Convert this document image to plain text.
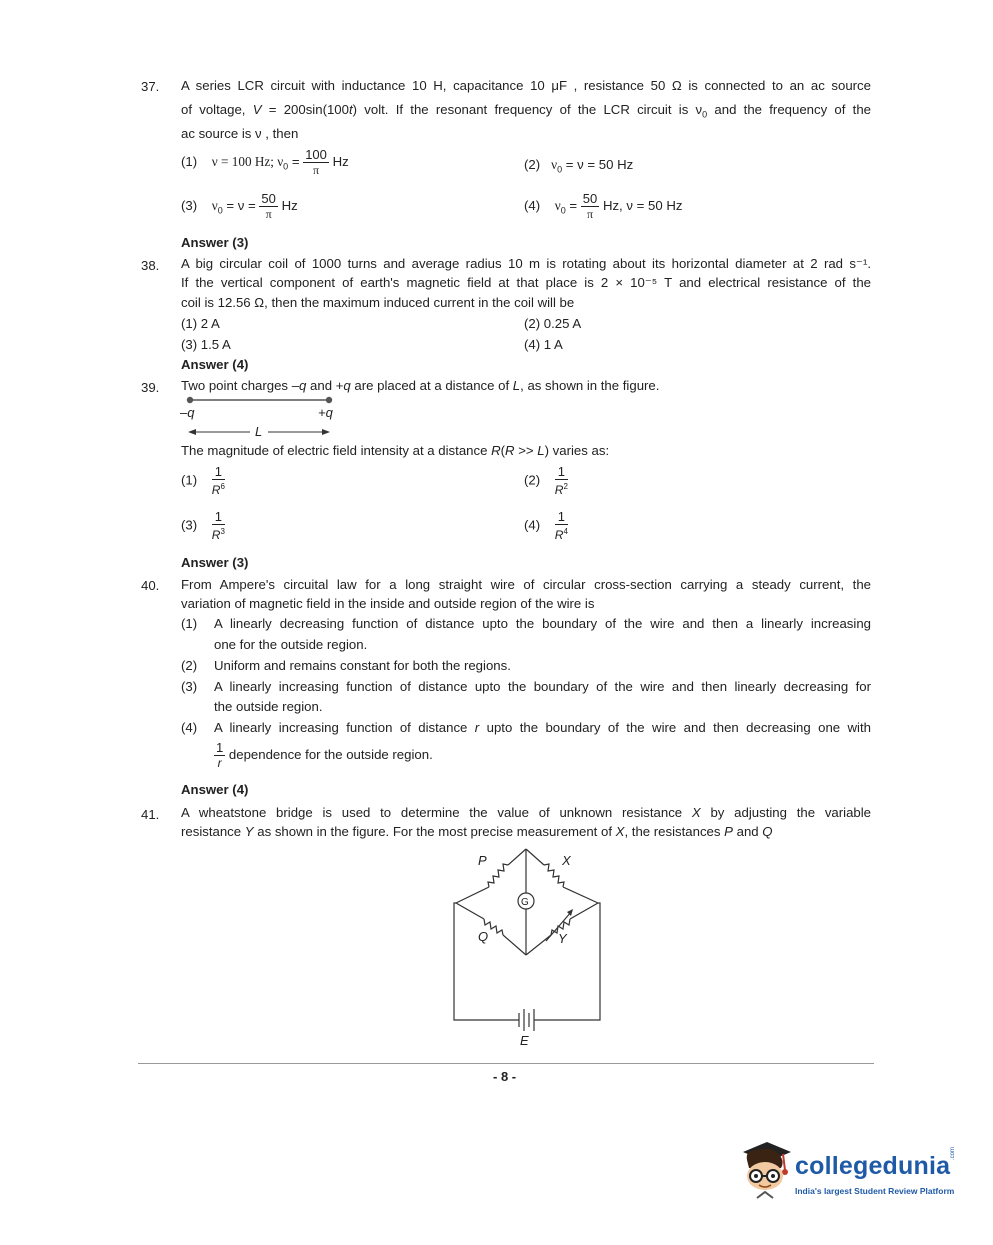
37. A series LCR circuit with inductance 10 H, capacitance 10 μF , resistance 50 Ω is connected to an ac source
of voltage, V = 200sin(100t) volt. If the resonant frequency of the LCR circuit is $\nu_0$ and the frequency of the
ac source is ν , then
(1) ν = 100 Hz; $\nu_0 = \frac{100}{\pi}$ Hz	(2) $\nu_0 = \nu = 50$ Hz
(3) $\nu_0 = \nu = \frac{50}{\pi}$ Hz	(4) $\nu_0 = \frac{50}{\pi} Hz$, ν = 50 Hz
Answer (3)
38. A big circular coil of 1000 turns and average radius 10 m is rotating about its horizontal diameter at 2 rad s⁻¹.
If the vertical component of earth's magnetic field at that place is 2 × 10⁻⁵ T and electrical resistance of the
coil is 12.56 Ω, then the maximum induced current in the coil will be
(1) 2 A	(2) 0.25 A
(3) 1.5 A	(4) 1 A
Answer (4)
39. Two point charges –q and +q are placed at a distance of L, as shown in the figure.
–q	+q
L
The magnitude of electric field intensity at a distance R(R >> L) varies as:
$(1) \frac{1}{R^6}$	$(2) \frac{1}{R^2}$
$(3) \frac{1}{R^3}$	$(4) \frac{1}{R^4}$
Answer (3)
40. From Ampere's circuital law for a long straight wire of circular cross-section carrying a steady current, the
variation of magnetic field in the inside and outside region of the wire is
(1) A linearly decreasing function of distance upto the boundary of the wire and then a linearly increasing
one for the outside region.
(2) Uniform and remains constant for both the regions.
(3) A linearly increasing function of distance upto the boundary of the wire and then linearly decreasing for
the outside region.
(4) A linearly increasing function of distance r upto the boundary of the wire and then decreasing one with
$\frac{1}{r}$ dependence for the outside region.
Answer (4)
41. A wheatstone bridge is used to determine the value of unknown resistance X by adjusting the variable
resistance Y as shown in the figure. For the most precise measurement of X, the resistances P and Q
P	X
Q	Y
E
G
- 8 -
collegedunia .com
India's largest Student Review Platform
